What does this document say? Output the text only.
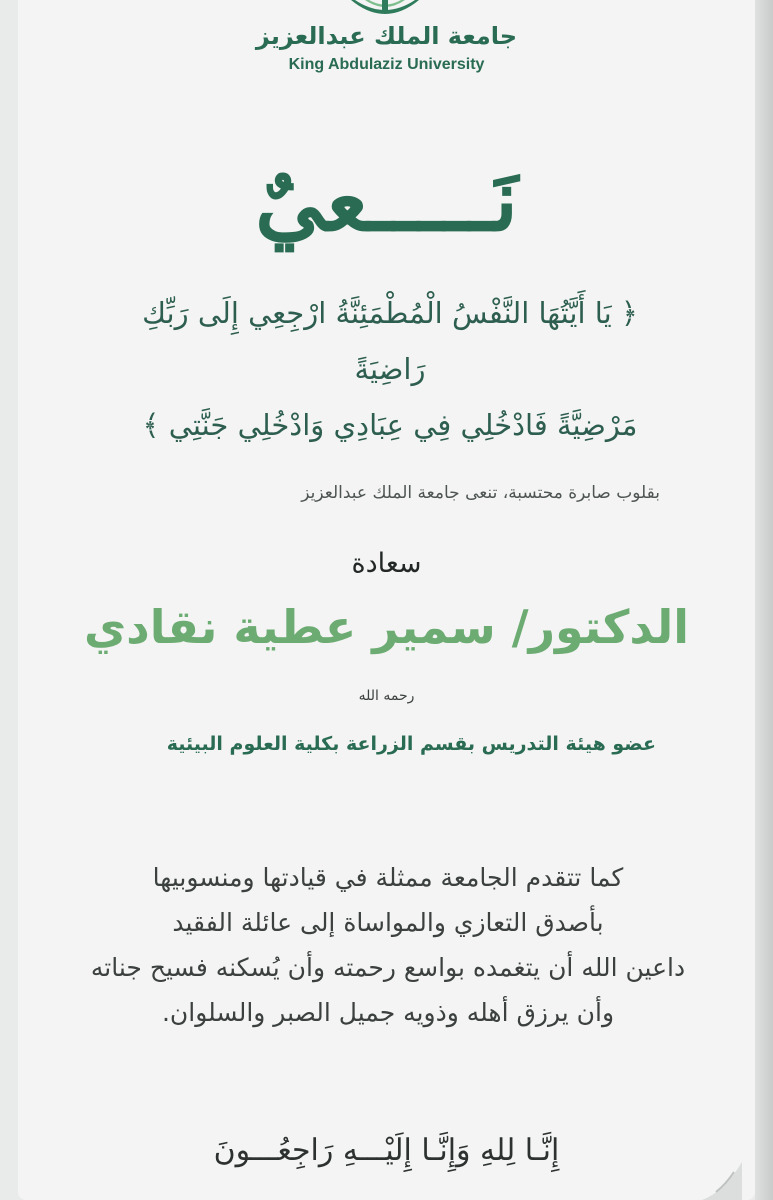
جامعة الملك عبدالعزيز
King Abdulaziz University
نَـــــعيٌ
﴿ يَا أَيَّتُهَا النَّفْسُ الْمُطْمَئِنَّةُ ارْجِعِي إِلَى رَبِّكِ رَاضِيَةً
مَرْضِيَّةً فَادْخُلِي فِي عِبَادِي وَادْخُلِي جَنَّتِي ﴾
بقلوب صابرة محتسبة، تنعى جامعة الملك عبدالعزيز
سعادة
الدكتور/ سمير عطية نقادي
رحمه الله
عضو هيئة التدريس بقسم الزراعة بكلية العلوم البيئية
كما تتقدم الجامعة ممثلة في قيادتها ومنسوبيها
بأصدق التعازي والمواساة إلى عائلة الفقيد
داعين الله أن يتغمده بواسع رحمته وأن يُسكنه فسيح جناته
وأن يرزق أهله وذويه جميل الصبر والسلوان.
إِنَّـا لِلهِ وَإِنَّـا إِلَيْـــهِ رَاجِعُـــونَ
